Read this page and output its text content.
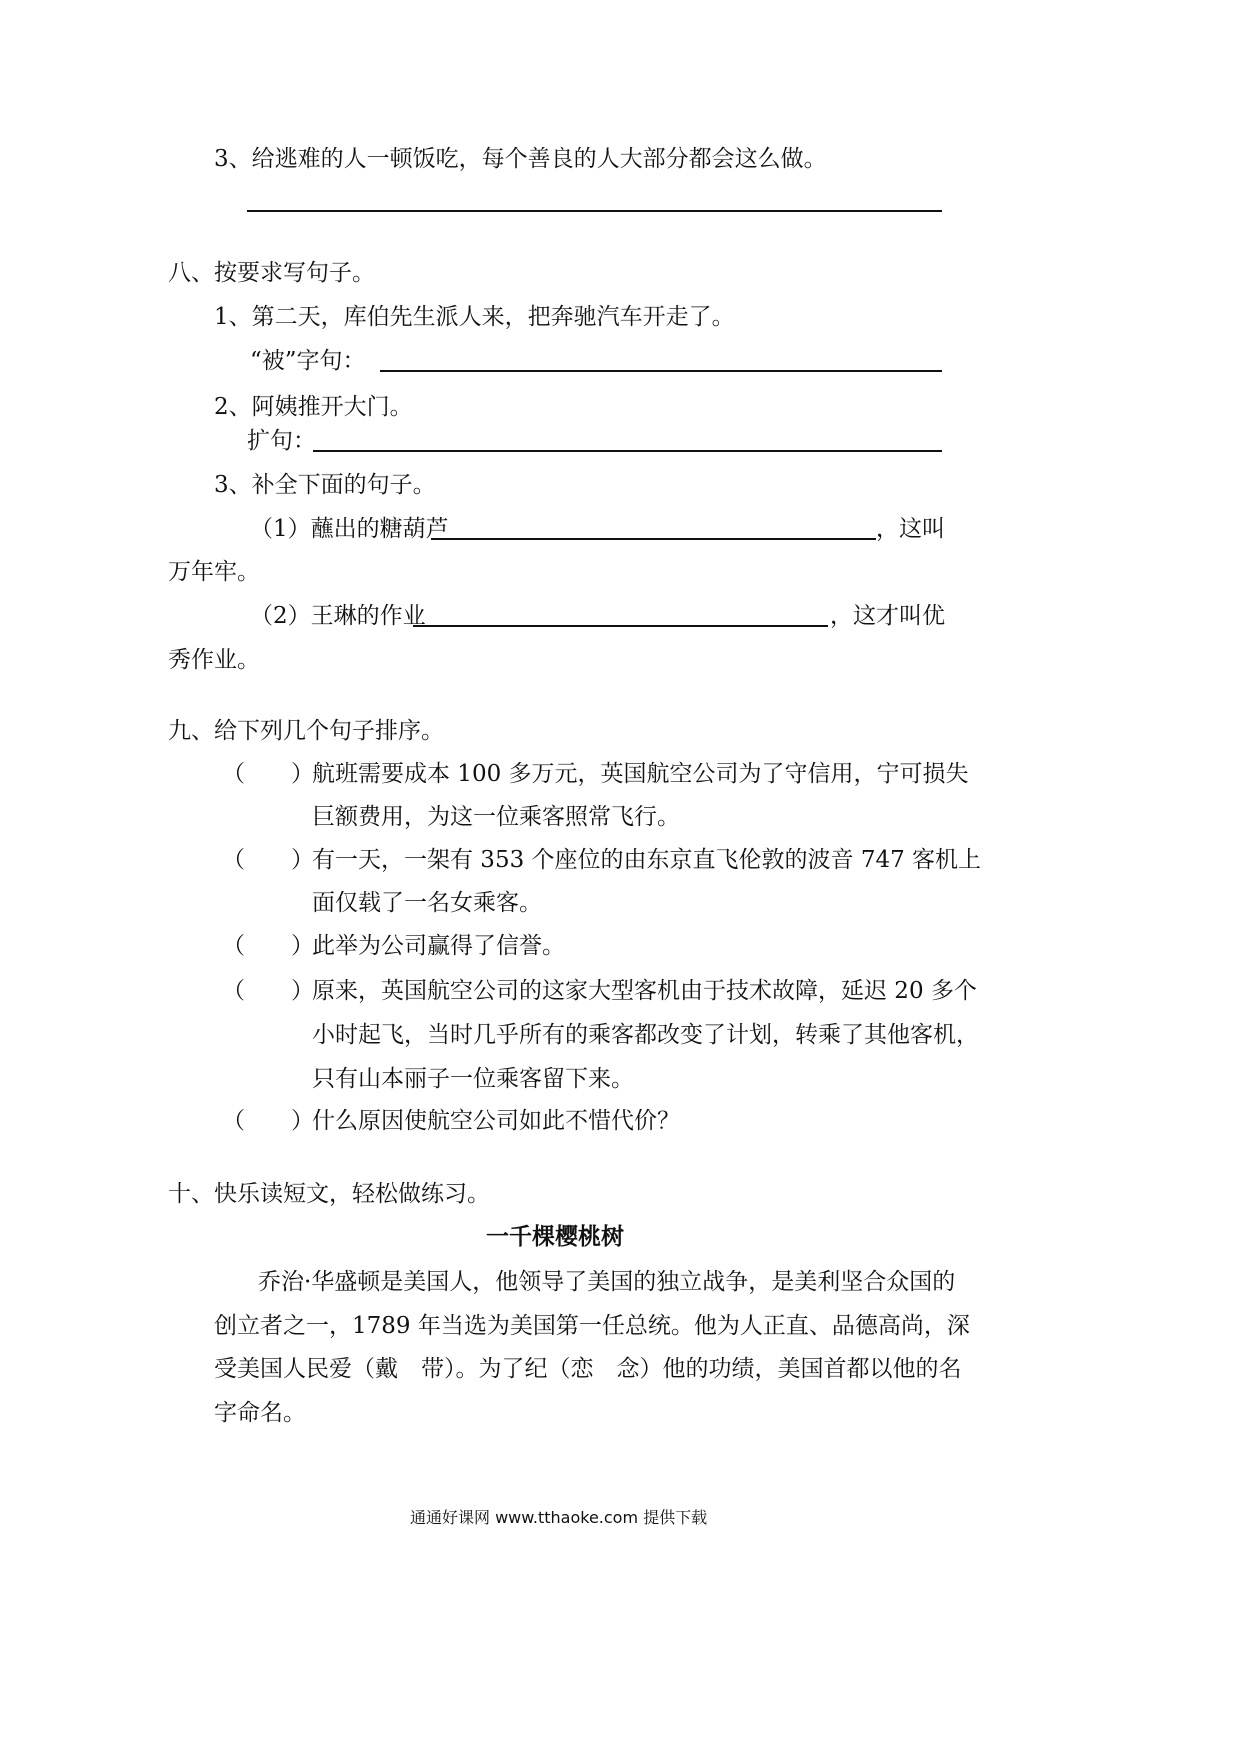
3、给逃难的人一顿饭吃，每个善良的人大部分都会这么做。
八、按要求写句子。
1、第二天，库伯先生派人来，把奔驰汽车开走了。
“被”字句：
2、阿姨推开大门。
扩句：
3、补全下面的句子。
（1）蘸出的糖葫芦	，这叫
万年牢。
（2）王琳的作业	，这才叫优
秀作业。
九、给下列几个句子排序。
（　　）
航班需要成本 100 多万元，英国航空公司为了守信用，宁可损失
巨额费用，为这一位乘客照常飞行。
（　　）
有一天，一架有 353 个座位的由东京直飞伦敦的波音 747 客机上
面仅载了一名女乘客。
（　　）
此举为公司赢得了信誉。
（　　）
原来，英国航空公司的这家大型客机由于技术故障，延迟 20 多个
小时起飞，当时几乎所有的乘客都改变了计划，转乘了其他客机，
只有山本丽子一位乘客留下来。
（　　）
什么原因使航空公司如此不惜代价？
十、快乐读短文，轻松做练习。
一千棵樱桃树
乔治·华盛顿是美国人，他领导了美国的独立战争，是美利坚合众国的
创立者之一，1789 年当选为美国第一任总统。他为人正直、品德高尚，深
受美国人民爱（戴　带）。为了纪（恋　念）他的功绩，美国首都以他的名
字命名。
通通好课网 www.tthaoke.com 提供下载
